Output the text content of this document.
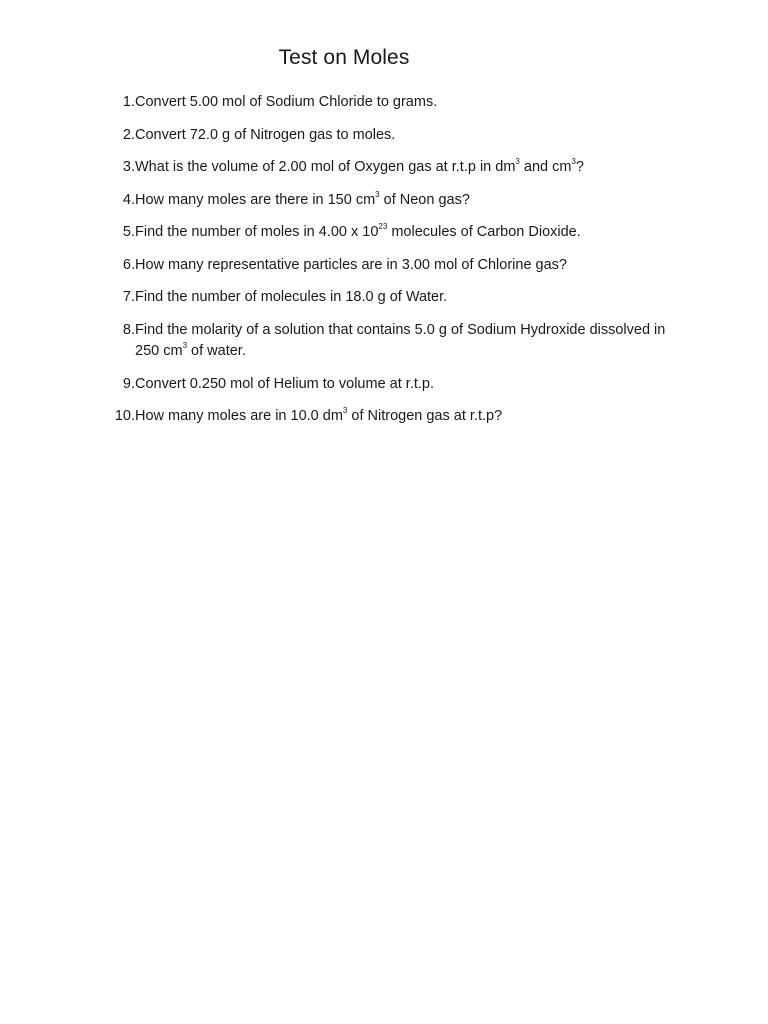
Test on Moles
1. Convert 5.00 mol of Sodium Chloride to grams.
2. Convert 72.0 g of Nitrogen gas to moles.
3. What is the volume of 2.00 mol of Oxygen gas at r.t.p in $dm^3$ and $cm^3$?
4. How many moles are there in 150 $cm^3$ of Neon gas?
5. Find the number of moles in 4.00 x $10^{23}$ molecules of Carbon Dioxide.
6. How many representative particles are in 3.00 mol of Chlorine gas?
7. Find the number of molecules in 18.0 g of Water.
8. Find the molarity of a solution that contains 5.0 g of Sodium Hydroxide dissolved in 250 $cm^3$ of water.
9. Convert 0.250 mol of Helium to volume at r.t.p.
10. How many moles are in 10.0 $dm^3$ of Nitrogen gas at r.t.p?
